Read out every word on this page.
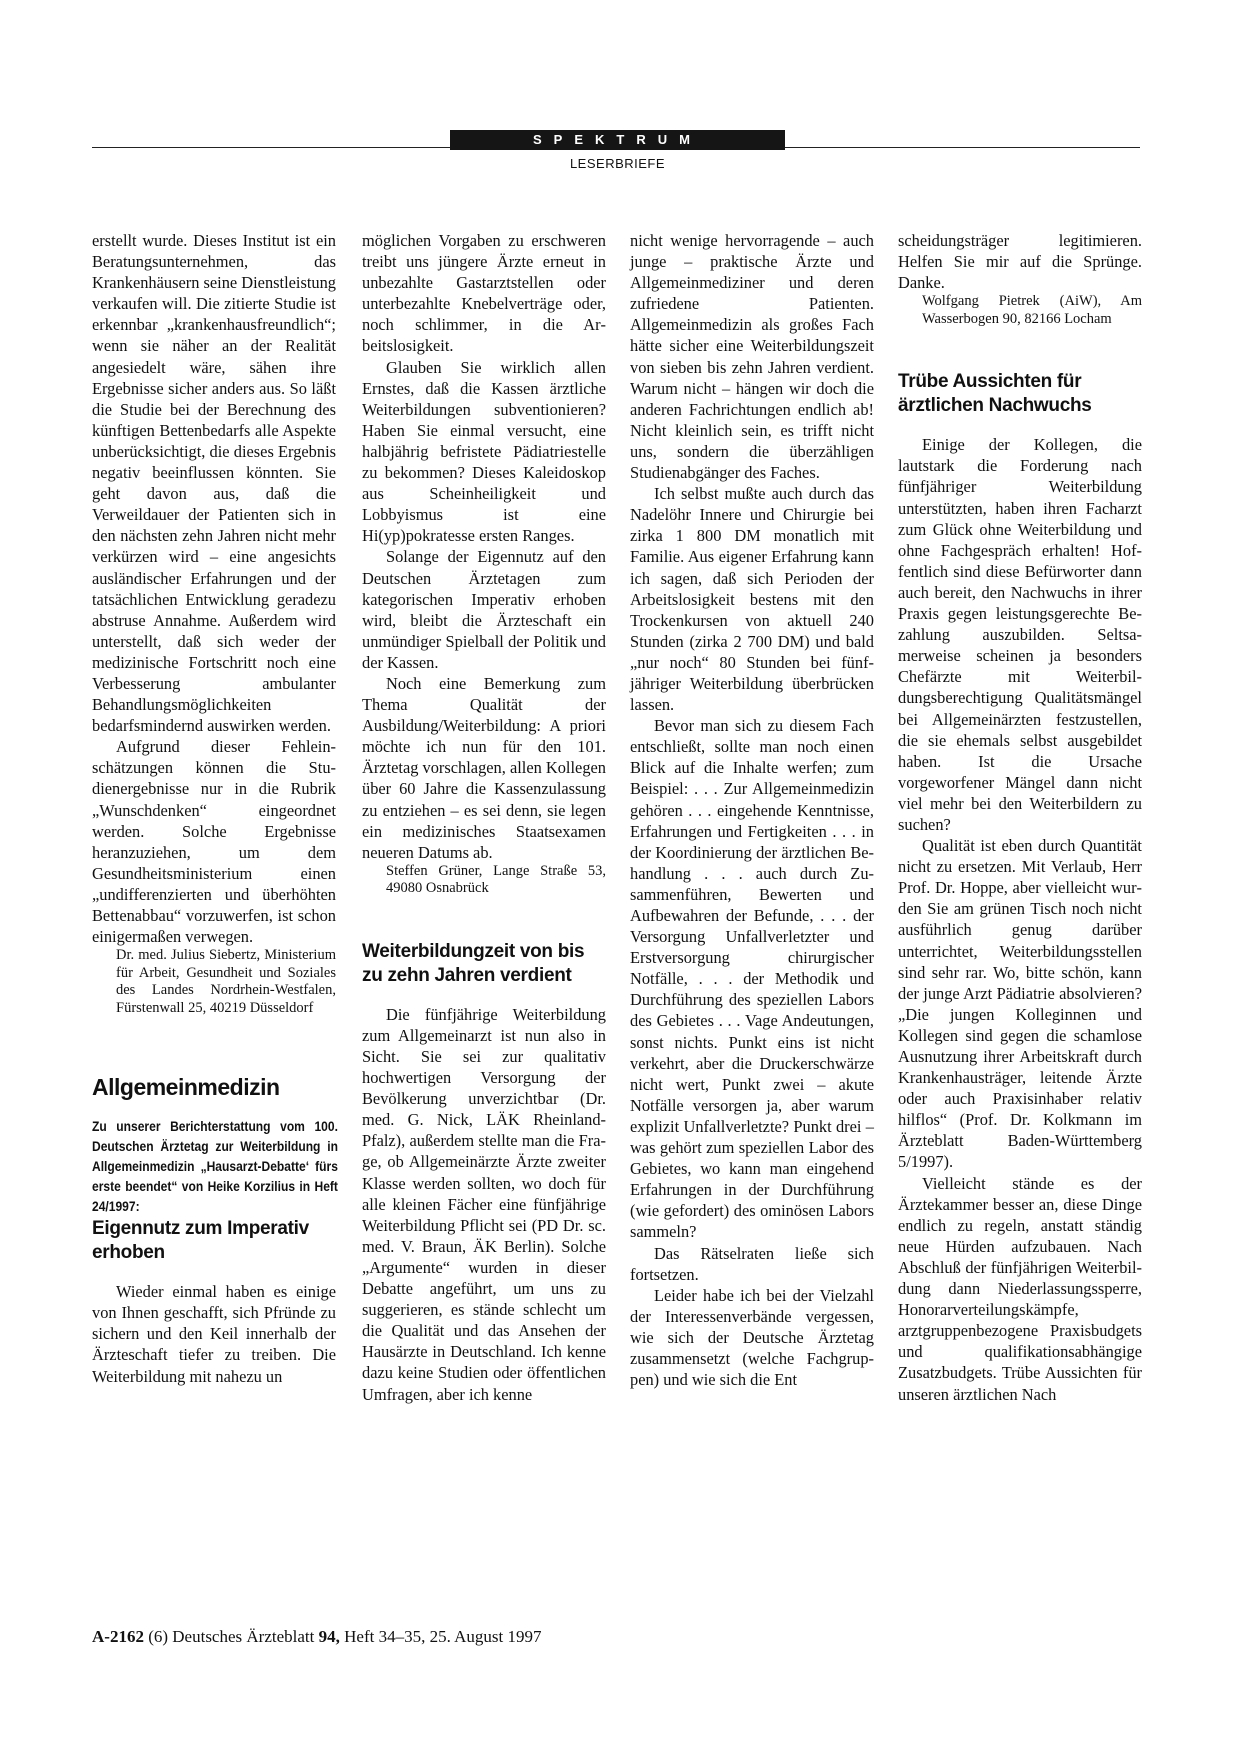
SPEKTRUM
LESERBRIEFE

erstellt wurde. Dieses Institut ist ein Beratungsunternehmen, das Krankenhäusern seine Dienstleistung verkaufen will. Die zitierte Studie ist erkennbar „krankenhausfreundlich“; wenn sie näher an der Realität angesiedelt wäre, sähen ihre Ergebnisse sicher anders aus. So läßt die Studie bei der Berechnung des künftigen Bettenbedarfs alle Aspekte unberücksichtigt, die dieses Ergebnis negativ beeinflussen könnten. Sie geht davon aus, daß die Verweildauer der Patienten sich in den nächsten zehn Jahren nicht mehr verkürzen wird – eine angesichts ausländischer Erfahrungen und der tatsächlichen Entwicklung geradezu abstruse Annahme. Außerdem wird unterstellt, daß sich weder der medizinische Fortschritt noch eine Verbesserung ambulanter Behandlungsmöglichkeiten bedarfsmindernd auswirken werden.

Aufgrund dieser Fehleinschätzungen können die Studienergebnisse nur in die Rubrik „Wunschdenken“ eingeordnet werden. Solche Ergebnisse heranzuziehen, um dem Gesundheitsministerium einen „undifferenzierten und überhöhten Bettenabbau“ vorzuwerfen, ist schon einigermaßen verwegen.

Dr. med. Julius Siebertz, Ministerium für Arbeit, Gesundheit und Soziales des Landes Nordrhein-Westfalen, Fürstenwall 25, 40219 Düsseldorf

Allgemeinmedizin

Zu unserer Berichterstattung vom 100. Deutschen Ärztetag zur Weiterbildung in Allgemeinmedizin „Hausarzt-Debatte‘ fürs erste beendet“ von Heike Korzilius in Heft 24/1997:

Eigennutz zum Imperativ erhoben

Wieder einmal haben es einige von Ihnen geschafft, sich Pfründe zu sichern und den Keil innerhalb der Ärzteschaft tiefer zu treiben. Die Weiterbildung mit nahezu un

möglichen Vorgaben zu erschweren treibt uns jüngere Ärzte erneut in unbezahlte Gastarztstellen oder unterbezahlte Knebelverträge oder, noch schlimmer, in die Arbeitslosigkeit.

Glauben Sie wirklich allen Ernstes, daß die Kassen ärztliche Weiterbildungen subventionieren? Haben Sie einmal versucht, eine halbjährig befristete Pädiatriestelle zu bekommen? Dieses Kaleidoskop aus Scheinheiligkeit und Lobbyismus ist eine Hi(yp)pokratesse ersten Ranges.

Solange der Eigennutz auf den Deutschen Ärztetagen zum kategorischen Imperativ erhoben wird, bleibt die Ärzteschaft ein unmündiger Spielball der Politik und der Kassen.

Noch eine Bemerkung zum Thema Qualität der Ausbildung/Weiterbildung: A priori möchte ich nun für den 101. Ärztetag vorschlagen, allen Kollegen über 60 Jahre die Kassenzulassung zu entziehen – es sei denn, sie legen ein medizinisches Staatsexamen neueren Datums ab.

Steffen Grüner, Lange Straße 53, 49080 Osnabrück

Weiterbildungzeit von bis zu zehn Jahren verdient

Die fünfjährige Weiterbildung zum Allgemeinarzt ist nun also in Sicht. Sie sei zur qualitativ hochwertigen Versorgung der Bevölkerung unverzichtbar (Dr. med. G. Nick, LÄK Rheinland-Pfalz), außerdem stellte man die Frage, ob Allgemeinärzte Ärzte zweiter Klasse werden sollten, wo doch für alle kleinen Fächer eine fünfjährige Weiterbildung Pflicht sei (PD Dr. sc. med. V. Braun, ÄK Berlin). Solche „Argumente“ wurden in dieser Debatte angeführt, um uns zu suggerieren, es stände schlecht um die Qualität und das Ansehen der Hausärzte in Deutschland. Ich kenne dazu keine Studien oder öffentlichen Umfragen, aber ich kenne

nicht wenige hervorragende – auch junge – praktische Ärzte und Allgemeinmediziner und deren zufriedene Patienten. Allgemeinmedizin als großes Fach hätte sicher eine Weiterbildungszeit von sieben bis zehn Jahren verdient. Warum nicht – hängen wir doch die anderen Fachrichtungen endlich ab! Nicht kleinlich sein, es trifft nicht uns, sondern die überzähligen Studienabgänger des Faches.

Ich selbst mußte auch durch das Nadelöhr Innere und Chirurgie bei zirka 1 800 DM monatlich mit Familie. Aus eigener Erfahrung kann ich sagen, daß sich Perioden der Arbeitslosigkeit bestens mit den Trockenkursen von aktuell 240 Stunden (zirka 2 700 DM) und bald „nur noch“ 80 Stunden bei fünfjähriger Weiterbildung überbrücken lassen.

Bevor man sich zu diesem Fach entschließt, sollte man noch einen Blick auf die Inhalte werfen; zum Beispiel: . . . Zur Allgemeinmedizin gehören . . . eingehende Kenntnisse, Erfahrungen und Fertigkeiten . . . in der Koordinierung der ärztlichen Behandlung . . . auch durch Zusammenführen, Bewerten und Aufbewahren der Befunde, . . . der Versorgung Unfallverletzter und Erstversorgung chirurgischer Notfälle, . . . der Methodik und Durchführung des speziellen Labors des Gebietes . . . Vage Andeutungen, sonst nichts. Punkt eins ist nicht verkehrt, aber die Druckerschwärze nicht wert, Punkt zwei – akute Notfälle versorgen ja, aber warum explizit Unfallverletzte? Punkt drei – was gehört zum speziellen Labor des Gebietes, wo kann man eingehend Erfahrungen in der Durchführung (wie gefordert) des ominösen Labors sammeln?

Das Rätselraten ließe sich fortsetzen.

Leider habe ich bei der Vielzahl der Interessenverbände vergessen, wie sich der Deutsche Ärztetag zusammensetzt (welche Fachgruppen) und wie sich die Ent

scheidungsträger legitimieren. Helfen Sie mir auf die Sprünge. Danke.

Wolfgang Pietrek (AiW), Am Wasserbogen 90, 82166 Locham

Trübe Aussichten für ärztlichen Nachwuchs

Einige der Kollegen, die lautstark die Forderung nach fünfjähriger Weiterbildung unterstützten, haben ihren Facharzt zum Glück ohne Weiterbildung und ohne Fachgespräch erhalten! Hoffentlich sind diese Befürworter dann auch bereit, den Nachwuchs in ihrer Praxis gegen leistungsgerechte Bezahlung auszubilden. Seltsamerweise scheinen ja besonders Chefärzte mit Weiterbildungsberechtigung Qualitätsmängel bei Allgemeinärzten festzustellen, die sie ehemals selbst ausgebildet haben. Ist die Ursache vorgeworfener Mängel dann nicht viel mehr bei den Weiterbildern zu suchen?

Qualität ist eben durch Quantität nicht zu ersetzen. Mit Verlaub, Herr Prof. Dr. Hoppe, aber vielleicht wurden Sie am grünen Tisch noch nicht ausführlich genug darüber unterrichtet, Weiterbildungsstellen sind sehr rar. Wo, bitte schön, kann der junge Arzt Pädiatrie absolvieren? „Die jungen Kolleginnen und Kollegen sind gegen die schamlose Ausnutzung ihrer Arbeitskraft durch Krankenhausträger, leitende Ärzte oder auch Praxisinhaber relativ hilflos“ (Prof. Dr. Kolkmann im Ärzteblatt Baden-Württemberg 5/1997).

Vielleicht stände es der Ärztekammer besser an, diese Dinge endlich zu regeln, anstatt ständig neue Hürden aufzubauen. Nach Abschluß der fünfjährigen Weiterbildung dann Niederlassungssperre, Honorarverteilungskämpfe, arztgruppenbezogene Praxisbudgets und qualifikationsabhängige Zusatzbudgets. Trübe Aussichten für unseren ärztlichen Nach

A-2162 (6) Deutsches Ärzteblatt 94, Heft 34–35, 25. August 1997
